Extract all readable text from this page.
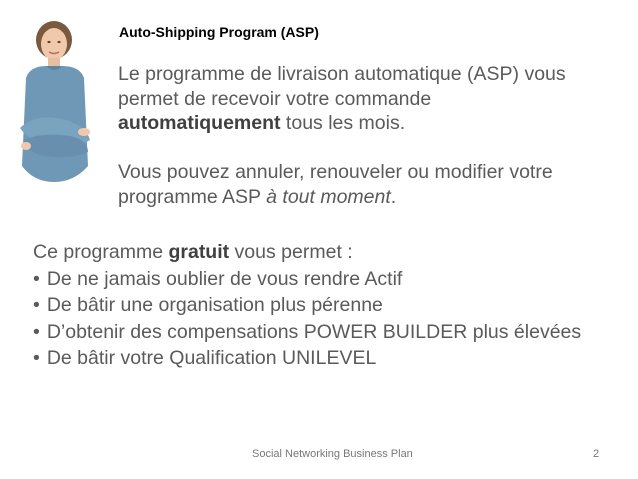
Auto-Shipping Program (ASP)

Le programme de livraison automatique (ASP) vous permet de recevoir votre commande automatiquement tous les mois.

Vous pouvez annuler, renouveler ou modifier votre programme ASP à tout moment.

Ce programme gratuit vous permet :
• De ne jamais oublier de vous rendre Actif
• De bâtir une organisation plus pérenne
• D’obtenir des compensations POWER BUILDER plus élevées
• De bâtir votre Qualification UNILEVEL
Social Networking Business Plan	2
